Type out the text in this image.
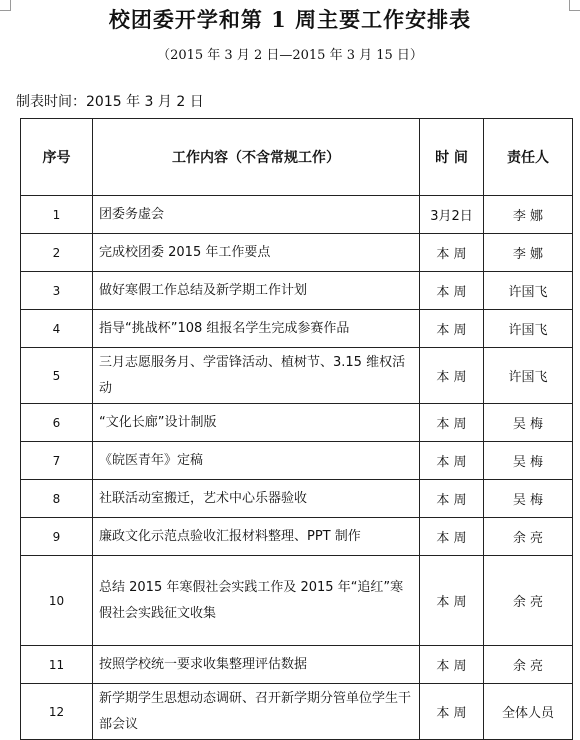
校团委开学和第 1 周主要工作安排表
（2015 年 3 月 2 日—2015 年 3 月 15 日）
制表时间：2015 年 3 月 2 日
序号	工作内容（不含常规工作）	时 间	责任人
1	团委务虚会	3月2日	李 娜
2	完成校团委 2015 年工作要点	本 周	李 娜
3	做好寒假工作总结及新学期工作计划	本 周	许国飞
4	指导“挑战杯”108 组报名学生完成参赛作品	本 周	许国飞
5	三月志愿服务月、学雷锋活动、植树节、3.15 维权活动	本 周	许国飞
6	“文化长廊”设计制版	本 周	吴 梅
7	《皖医青年》定稿	本 周	吴 梅
8	社联活动室搬迁，艺术中心乐器验收	本 周	吴 梅
9	廉政文化示范点验收汇报材料整理、PPT 制作	本 周	余 亮
10	总结 2015 年寒假社会实践工作及 2015 年“追红”寒假社会实践征文收集	本 周	余 亮
11	按照学校统一要求收集整理评估数据	本 周	余 亮
12	新学期学生思想动态调研、召开新学期分管单位学生干部会议	本 周	全体人员
